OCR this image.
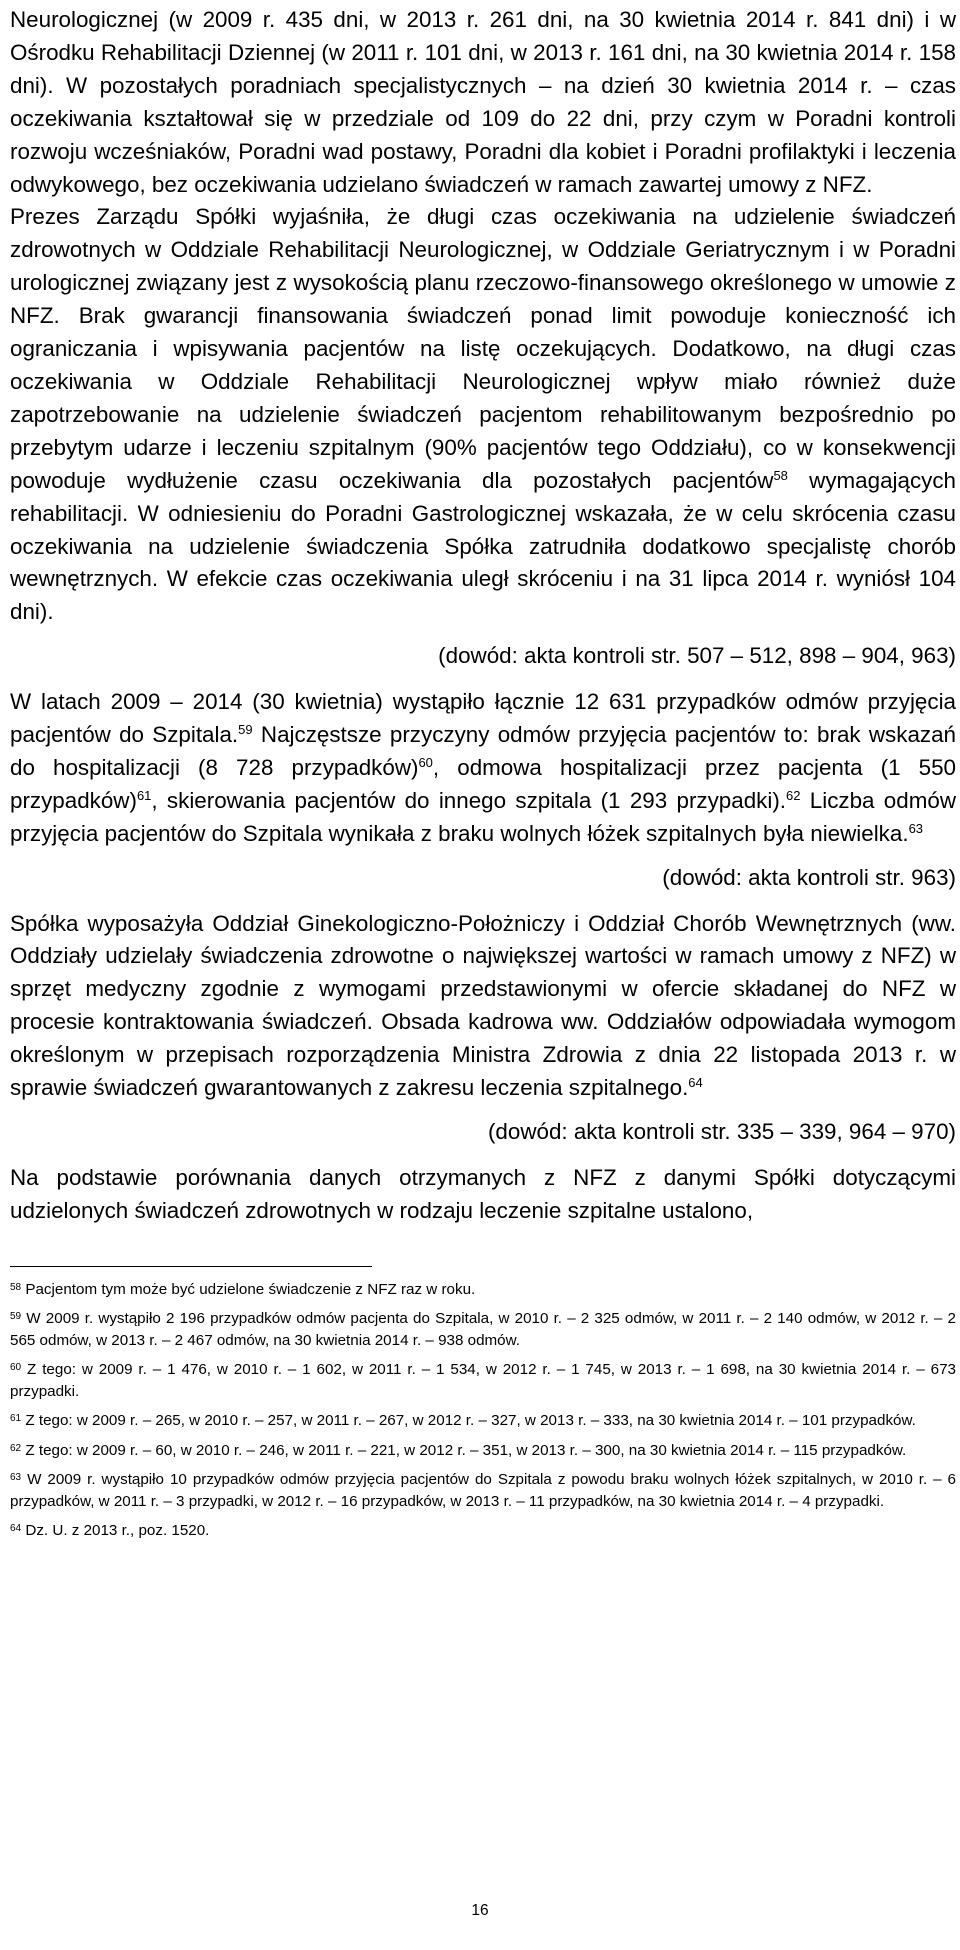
Neurologicznej (w 2009 r. 435 dni, w 2013 r. 261 dni, na 30 kwietnia 2014 r. 841 dni) i w Ośrodku Rehabilitacji Dziennej (w 2011 r. 101 dni, w 2013 r. 161 dni, na 30 kwietnia 2014 r. 158 dni). W pozostałych poradniach specjalistycznych – na dzień 30 kwietnia 2014 r. – czas oczekiwania kształtował się w przedziale od 109 do 22 dni, przy czym w Poradni kontroli rozwoju wcześniaków, Poradni wad postawy, Poradni dla kobiet i Poradni profilaktyki i leczenia odwykowego, bez oczekiwania udzielano świadczeń w ramach zawartej umowy z NFZ.

Prezes Zarządu Spółki wyjaśniła, że długi czas oczekiwania na udzielenie świadczeń zdrowotnych w Oddziale Rehabilitacji Neurologicznej, w Oddziale Geriatrycznym i w Poradni urologicznej związany jest z wysokością planu rzeczowo-finansowego określonego w umowie z NFZ. Brak gwarancji finansowania świadczeń ponad limit powoduje konieczność ich ograniczania i wpisywania pacjentów na listę oczekujących. Dodatkowo, na długi czas oczekiwania w Oddziale Rehabilitacji Neurologicznej wpływ miało również duże zapotrzebowanie na udzielenie świadczeń pacjentom rehabilitowanym bezpośrednio po przebytym udarze i leczeniu szpitalnym (90% pacjentów tego Oddziału), co w konsekwencji powoduje wydłużenie czasu oczekiwania dla pozostałych pacjentów$^{58}$ wymagających rehabilitacji. W odniesieniu do Poradni Gastrologicznej wskazała, że w celu skrócenia czasu oczekiwania na udzielenie świadczenia Spółka zatrudniła dodatkowo specjalistę chorób wewnętrznych. W efekcie czas oczekiwania uległ skróceniu i na 31 lipca 2014 r. wyniósł 104 dni).

(dowód: akta kontroli str. 507 – 512, 898 – 904, 963)

W latach 2009 – 2014 (30 kwietnia) wystąpiło łącznie 12 631 przypadków odmów przyjęcia pacjentów do Szpitala.$^{59}$ Najczęstsze przyczyny odmów przyjęcia pacjentów to: brak wskazań do hospitalizacji (8 728 przypadków)$^{60}$, odmowa hospitalizacji przez pacjenta (1 550 przypadków)$^{61}$, skierowania pacjentów do innego szpitala (1 293 przypadki).$^{62}$ Liczba odmów przyjęcia pacjentów do Szpitala wynikała z braku wolnych łóżek szpitalnych była niewielka.$^{63}$

(dowód: akta kontroli str. 963)

Spółka wyposażyła Oddział Ginekologiczno-Położniczy i Oddział Chorób Wewnętrznych (ww. Oddziały udzielały świadczenia zdrowotne o największej wartości w ramach umowy z NFZ) w sprzęt medyczny zgodnie z wymogami przedstawionymi w ofercie składanej do NFZ w procesie kontraktowania świadczeń. Obsada kadrowa ww. Oddziałów odpowiadała wymogom określonym w przepisach rozporządzenia Ministra Zdrowia z dnia 22 listopada 2013 r. w sprawie świadczeń gwarantowanych z zakresu leczenia szpitalnego.$^{64}$

(dowód: akta kontroli str. 335 – 339, 964 – 970)

Na podstawie porównania danych otrzymanych z NFZ z danymi Spółki dotyczącymi udzielonych świadczeń zdrowotnych w rodzaju leczenie szpitalne ustalono,

$^{58}$ Pacjentom tym może być udzielone świadczenie z NFZ raz w roku.

$^{59}$ W 2009 r. wystąpiło 2 196 przypadków odmów pacjenta do Szpitala, w 2010 r. – 2 325 odmów, w 2011 r. – 2 140 odmów, w 2012 r. – 2 565 odmów, w 2013 r. – 2 467 odmów, na 30 kwietnia 2014 r. – 938 odmów.

$^{60}$ Z tego: w 2009 r. – 1 476, w 2010 r. – 1 602, w 2011 r. – 1 534, w 2012 r. – 1 745, w 2013 r. – 1 698, na 30 kwietnia 2014 r. – 673 przypadki.

$^{61}$ Z tego: w 2009 r. – 265, w 2010 r. – 257, w 2011 r. – 267, w 2012 r. – 327, w 2013 r. – 333, na 30 kwietnia 2014 r. – 101 przypadków.

$^{62}$ Z tego: w 2009 r. – 60, w 2010 r. – 246, w 2011 r. – 221, w 2012 r. – 351, w 2013 r. – 300, na 30 kwietnia 2014 r. – 115 przypadków.

$^{63}$ W 2009 r. wystąpiło 10 przypadków odmów przyjęcia pacjentów do Szpitala z powodu braku wolnych łóżek szpitalnych, w 2010 r. – 6 przypadków, w 2011 r. – 3 przypadki, w 2012 r. – 16 przypadków, w 2013 r. – 11 przypadków, na 30 kwietnia 2014 r. – 4 przypadki.

$^{64}$ Dz. U. z 2013 r., poz. 1520.

16
